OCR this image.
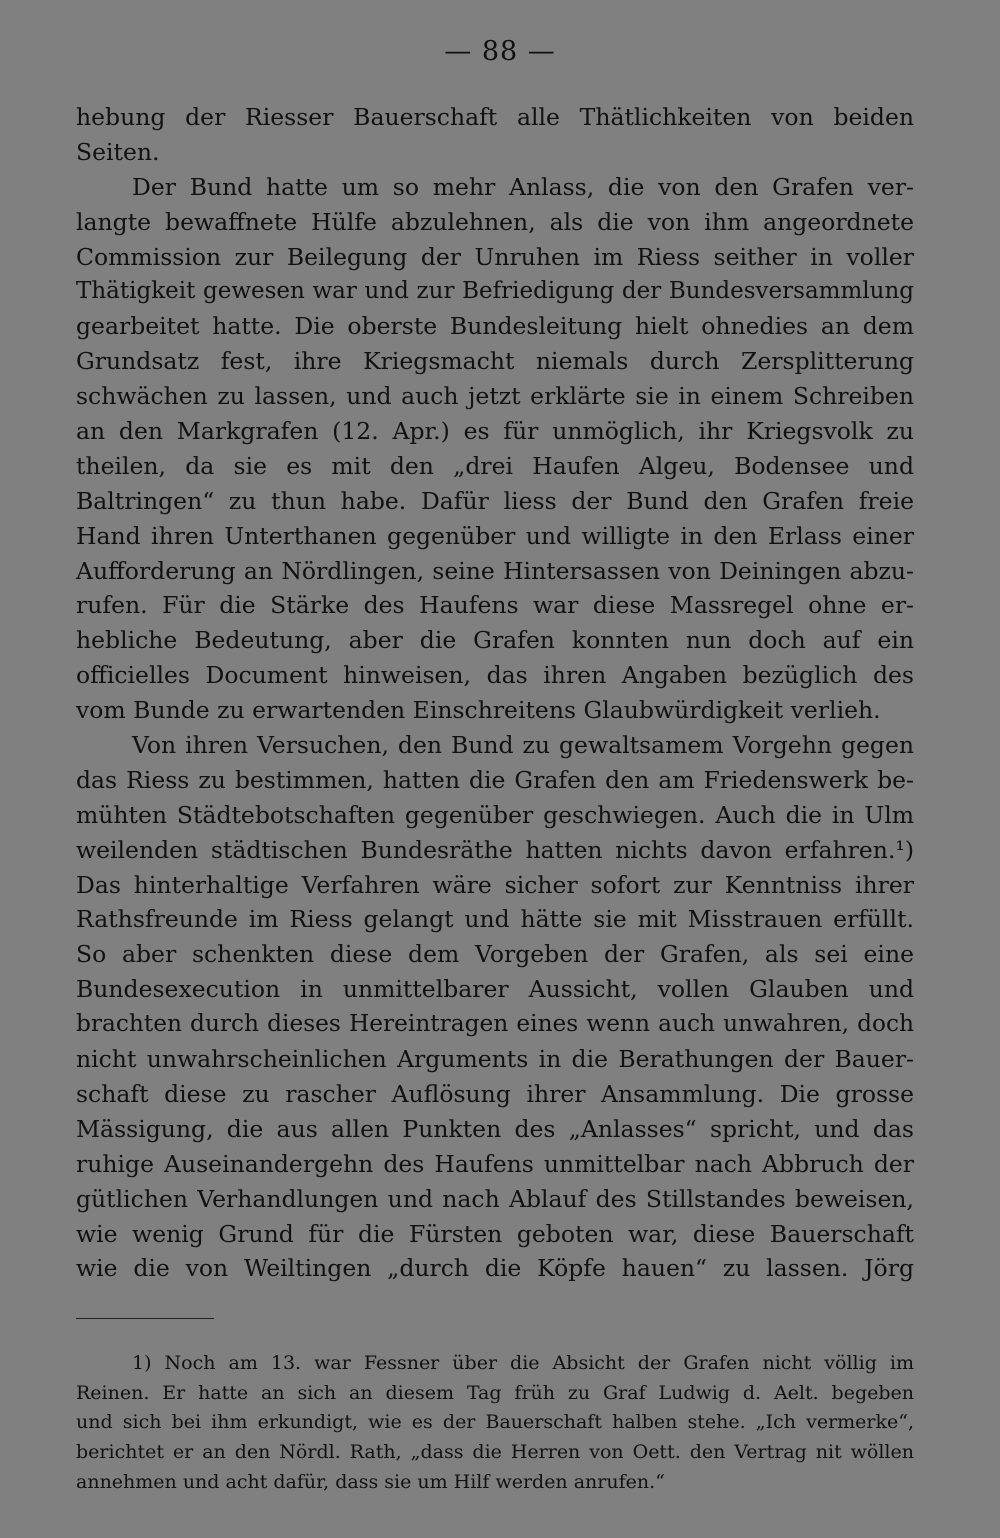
— 88 —
hebung der Riesser Bauerschaft alle Thätlichkeiten von beiden
Seiten.
Der Bund hatte um so mehr Anlass, die von den Grafen ver-
langte bewaffnete Hülfe abzulehnen, als die von ihm angeordnete
Commission zur Beilegung der Unruhen im Riess seither in voller
Thätigkeit gewesen war und zur Befriedigung der Bundesversammlung
gearbeitet hatte. Die oberste Bundesleitung hielt ohnedies an dem
Grundsatz fest, ihre Kriegsmacht niemals durch Zersplitterung
schwächen zu lassen, und auch jetzt erklärte sie in einem Schreiben
an den Markgrafen (12. Apr.) es für unmöglich, ihr Kriegsvolk zu
theilen, da sie es mit den „drei Haufen Algeu, Bodensee und
Baltringen“ zu thun habe. Dafür liess der Bund den Grafen freie
Hand ihren Unterthanen gegenüber und willigte in den Erlass einer
Aufforderung an Nördlingen, seine Hintersassen von Deiningen abzu-
rufen. Für die Stärke des Haufens war diese Massregel ohne er-
hebliche Bedeutung, aber die Grafen konnten nun doch auf ein
officielles Document hinweisen, das ihren Angaben bezüglich des
vom Bunde zu erwartenden Einschreitens Glaubwürdigkeit verlieh.
Von ihren Versuchen, den Bund zu gewaltsamem Vorgehn gegen
das Riess zu bestimmen, hatten die Grafen den am Friedenswerk be-
mühten Städtebotschaften gegenüber geschwiegen. Auch die in Ulm
weilenden städtischen Bundesräthe hatten nichts davon erfahren.¹)
Das hinterhaltige Verfahren wäre sicher sofort zur Kenntniss ihrer
Rathsfreunde im Riess gelangt und hätte sie mit Misstrauen erfüllt.
So aber schenkten diese dem Vorgeben der Grafen, als sei eine
Bundesexecution in unmittelbarer Aussicht, vollen Glauben und
brachten durch dieses Hereintragen eines wenn auch unwahren, doch
nicht unwahrscheinlichen Arguments in die Berathungen der Bauer-
schaft diese zu rascher Auflösung ihrer Ansammlung. Die grosse
Mässigung, die aus allen Punkten des „Anlasses“ spricht, und das
ruhige Auseinandergehn des Haufens unmittelbar nach Abbruch der
gütlichen Verhandlungen und nach Ablauf des Stillstandes beweisen,
wie wenig Grund für die Fürsten geboten war, diese Bauerschaft
wie die von Weiltingen „durch die Köpfe hauen“ zu lassen. Jörg
1) Noch am 13. war Fessner über die Absicht der Grafen nicht völlig im
Reinen. Er hatte an sich an diesem Tag früh zu Graf Ludwig d. Aelt. begeben
und sich bei ihm erkundigt, wie es der Bauerschaft halben stehe. „Ich vermerke“,
berichtet er an den Nördl. Rath, „dass die Herren von Oett. den Vertrag nit wöllen
annehmen und acht dafür, dass sie um Hilf werden anrufen.“
